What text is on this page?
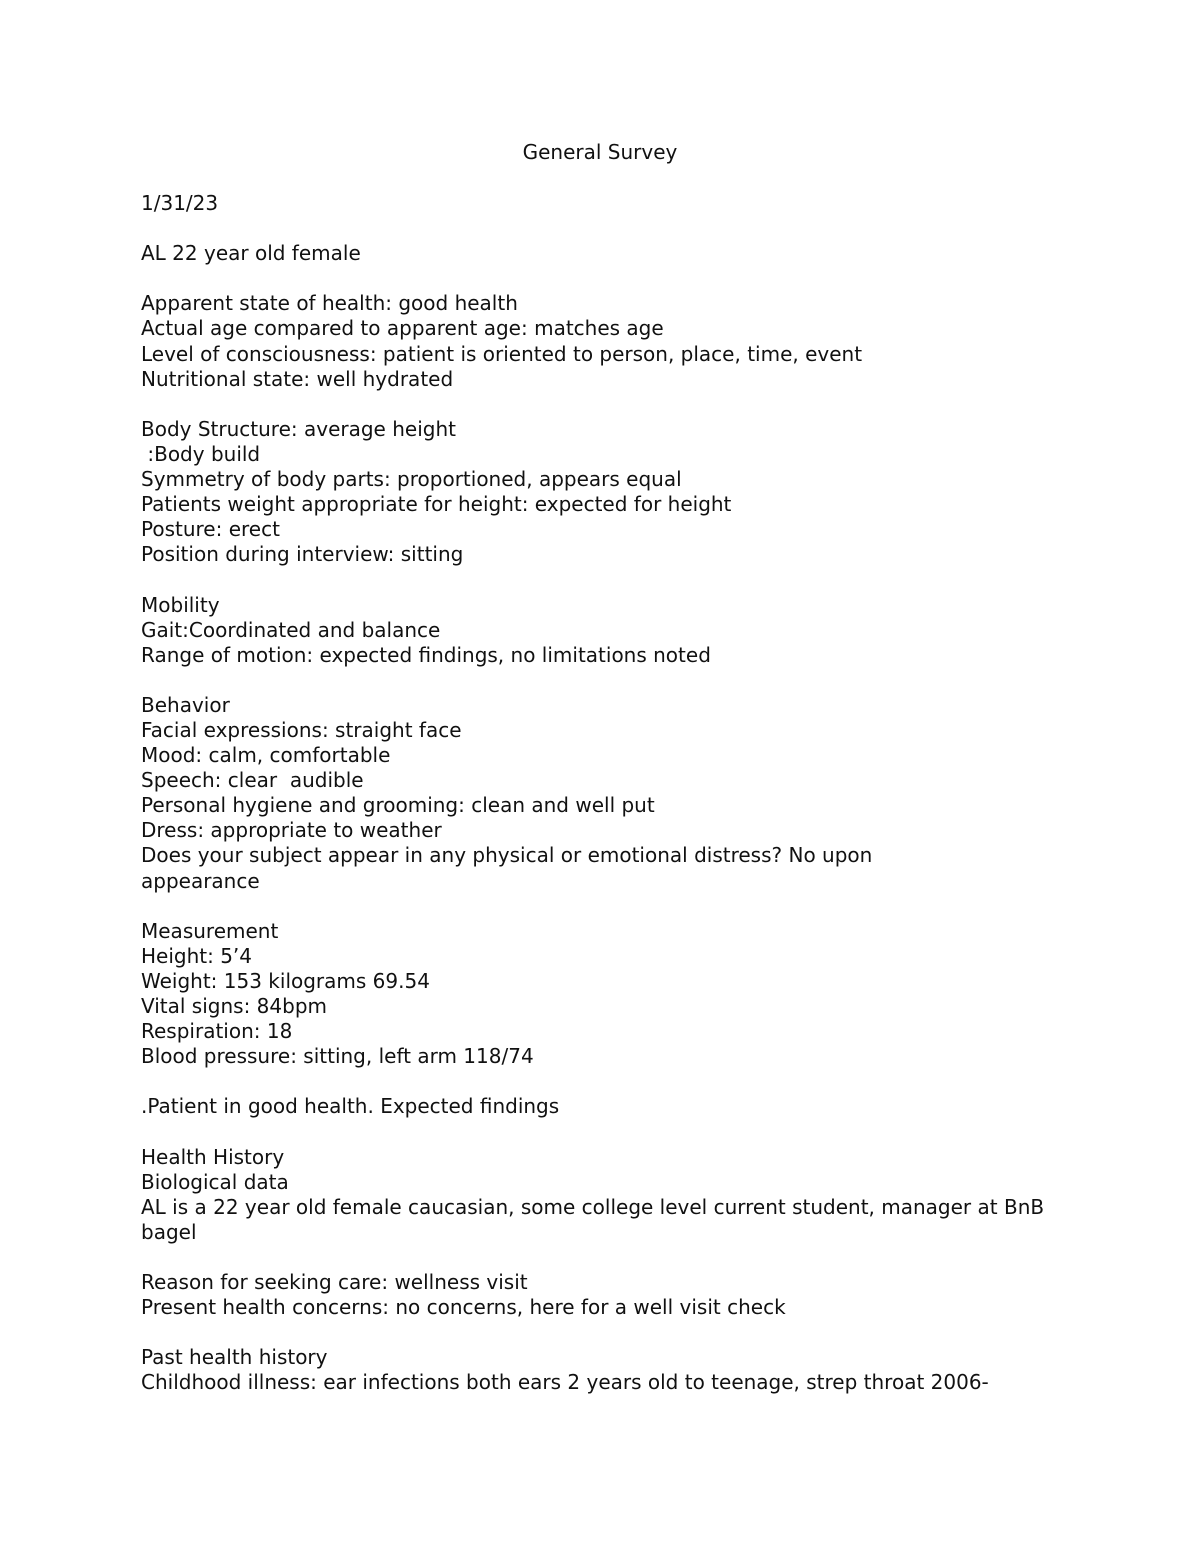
General Survey
1/31/23
AL 22 year old female
Apparent state of health: good health
Actual age compared to apparent age: matches age
Level of consciousness: patient is oriented to person, place, time, event
Nutritional state: well hydrated
Body Structure: average height
:Body build
Symmetry of body parts: proportioned, appears equal
Patients weight appropriate for height: expected for height
Posture: erect
Position during interview: sitting
Mobility
Gait:Coordinated and balance
Range of motion: expected findings, no limitations noted
Behavior
Facial expressions: straight face
Mood: calm, comfortable
Speech: clear  audible
Personal hygiene and grooming: clean and well put
Dress: appropriate to weather
Does your subject appear in any physical or emotional distress? No upon appearance
Measurement
Height: 5’4
Weight: 153 kilograms 69.54
Vital signs: 84bpm
Respiration: 18
Blood pressure: sitting, left arm 118/74
.Patient in good health. Expected findings
Health History
Biological data
AL is a 22 year old female caucasian, some college level current student, manager at BnB bagel
Reason for seeking care: wellness visit
Present health concerns: no concerns, here for a well visit check
Past health history
Childhood illness: ear infections both ears 2 years old to teenage, strep throat 2006-
